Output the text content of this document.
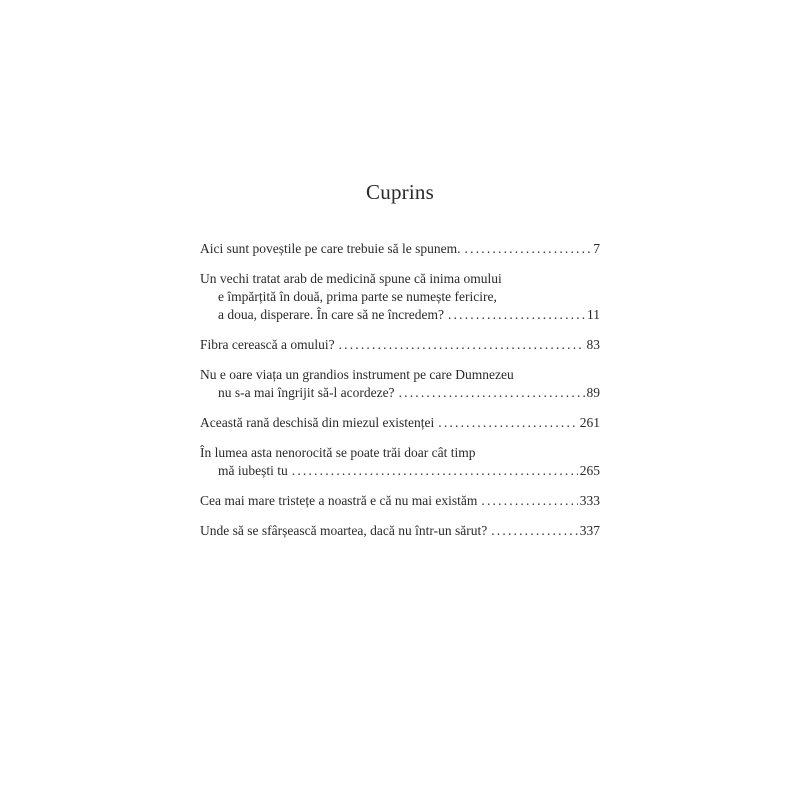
Cuprins
Aici sunt poveștile pe care trebuie să le spunem. .....	7
Un vechi tratat arab de medicină spune că inima omului
e împărțită în două, prima parte se numește fericire,
a doua, disperare. În care să ne încredem? .....	11
Fibra cerească a omului? .....	83
Nu e oare viața un grandios instrument pe care Dumnezeu
nu s-a mai îngrijit să-l acordeze? .....	89
Această rană deschisă din miezul existenței .....	261
În lumea asta nenorocită se poate trăi doar cât timp
mă iubești tu .....	265
Cea mai mare tristețe a noastră e că nu mai existăm .....	333
Unde să se sfârșească moartea, dacă nu într-un sărut? .....	337
